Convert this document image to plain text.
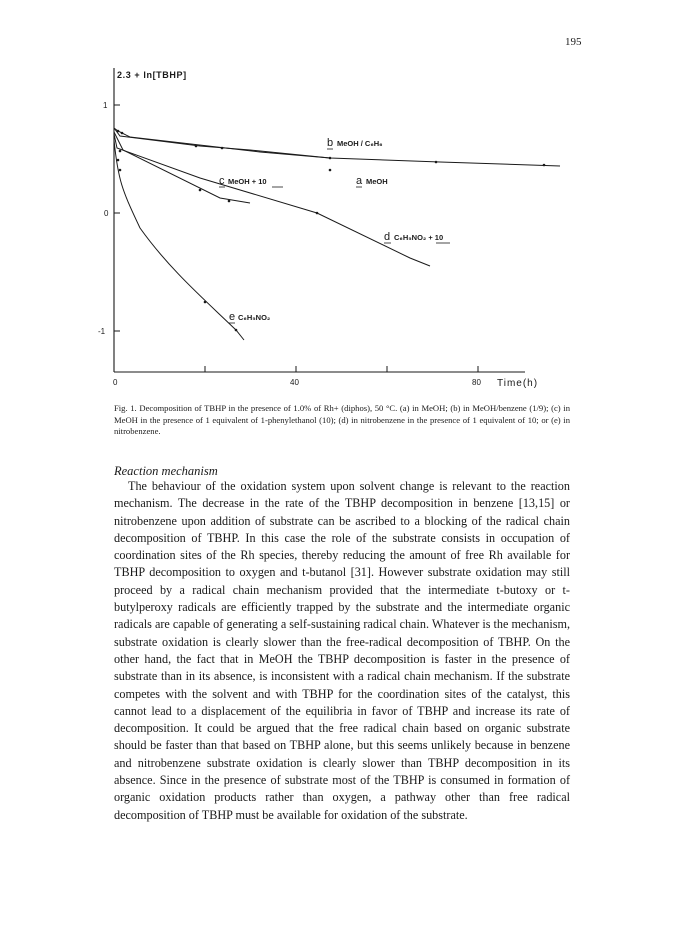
195
1
0
-1
0	40	80
2.3 + ln[TBHP]
Time(h)
b MeOH / C₆H₆
c MeOH + 10	a MeOH
d C₆H₅NO₂ + 10
e C₆H₅NO₂
Fig. 1. Decomposition of TBHP in the presence of 1.0% of Rh+ (diphos), 50 °C. (a) in MeOH; (b) in MeOH/benzene (1/9); (c) in MeOH in the presence of 1 equivalent of 1-phenylethanol (10); (d) in nitrobenzene in the presence of 1 equivalent of 10; or (e) in nitrobenzene.
Reaction mechanism

The behaviour of the oxidation system upon solvent change is relevant to the reaction mechanism. The decrease in the rate of the TBHP decomposition in benzene [13,15] or nitrobenzene upon addition of substrate can be ascribed to a blocking of the radical chain decomposition of TBHP. In this case the role of the substrate consists in occupation of coordination sites of the Rh species, thereby reducing the amount of free Rh available for TBHP decomposition to oxygen and t-butanol [31]. However substrate oxidation may still proceed by a radical chain mechanism provided that the intermediate t-butoxy or t-butylperoxy radicals are efficiently trapped by the substrate and the intermediate organic radicals are capable of generating a self-sustaining radical chain. Whatever is the mechanism, substrate oxidation is clearly slower than the free-radical decomposition of TBHP. On the other hand, the fact that in MeOH the TBHP decomposition is faster in the presence of substrate than in its absence, is inconsistent with a radical chain mechanism. If the substrate competes with the solvent and with TBHP for the coordination sites of the catalyst, this cannot lead to a displacement of the equilibria in favor of TBHP and increase its rate of decomposition. It could be argued that the free radical chain based on organic substrate should be faster than that based on TBHP alone, but this seems unlikely because in benzene and nitrobenzene substrate oxidation is clearly slower than TBHP decomposition in its absence. Since in the presence of substrate most of the TBHP is consumed in formation of organic oxidation products rather than oxygen, a pathway other than free radical decomposition of TBHP must be available for oxidation of the substrate.
